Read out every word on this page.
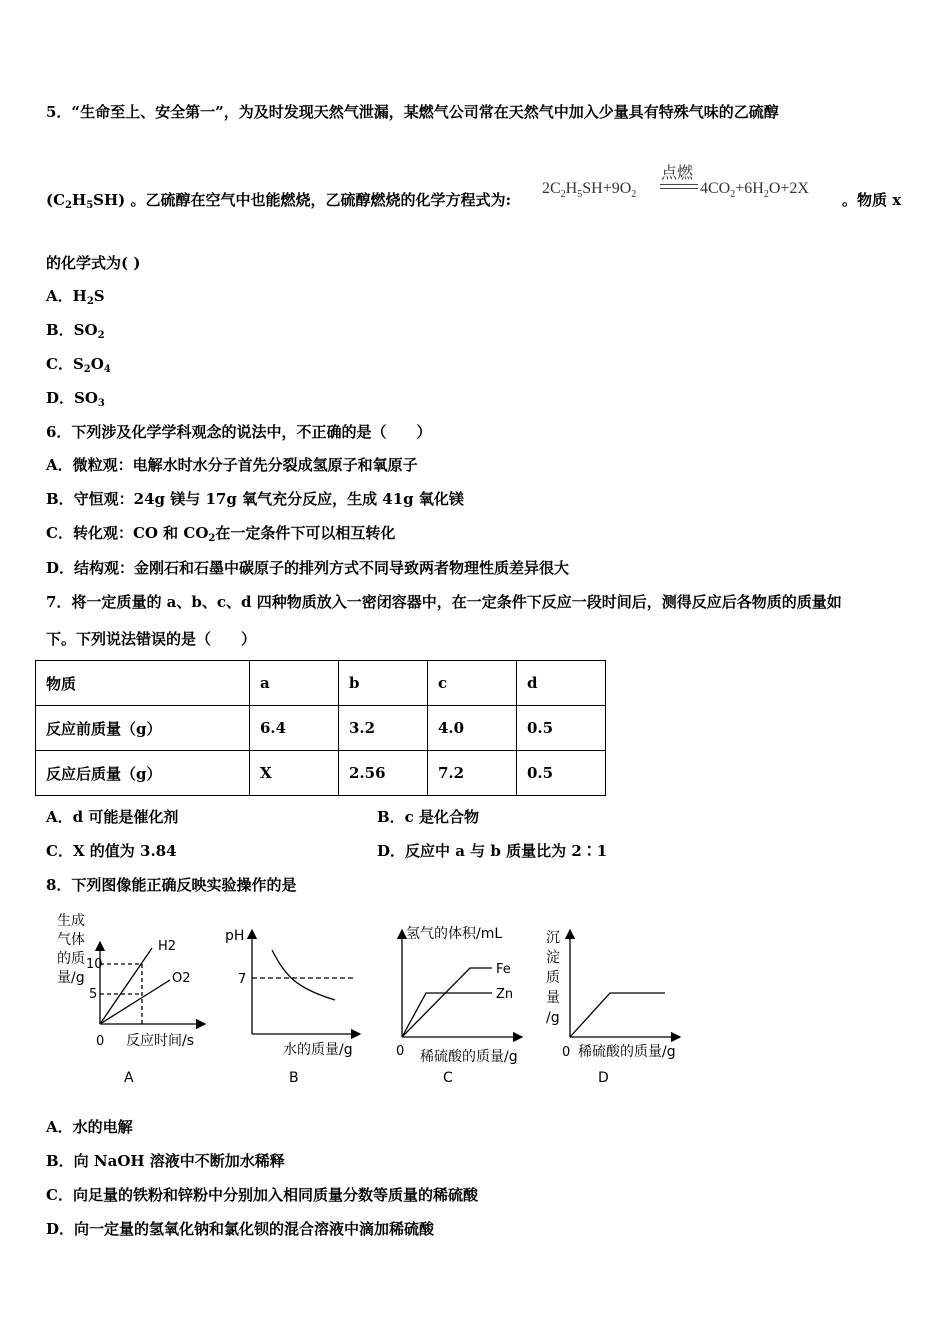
5．“生命至上、安全第一”，为及时发现天然气泄漏，某燃气公司常在天然气中加入少量具有特殊气味的乙硫醇
$(C_2H_5SH)$ 。乙硫醇在空气中也能燃烧，乙硫醇燃烧的化学方程式为:
$2C_2H_5SH+9O_2$
点燃
$4CO_2+6H_2O+2X$
。物质 x
的化学式为( )
A．$H_2S$
B．$SO_2$
C．$S_2O_4$
D．$SO_3$
6．下列涉及化学学科观念的说法中，不正确的是（　　）
A．微粒观：电解水时水分子首先分裂成氢原子和氧原子
B．守恒观：24g 镁与 17g 氧气充分反应，生成 41g 氧化镁
C．转化观：CO 和 $CO_2$在一定条件下可以相互转化
D．结构观：金刚石和石墨中碳原子的排列方式不同导致两者物理性质差异很大
7．将一定质量的 a、b、c、d 四种物质放入一密闭容器中，在一定条件下反应一段时间后，测得反应后各物质的质量如
下。下列说法错误的是（　　）
物质	a	b	c	d
反应前质量（g）	6.4	3.2	4.0	0.5
反应后质量（g）	X	2.56	7.2	0.5
A．d 可能是催化剂	B．c 是化合物
C．X 的值为 3.84	D．反应中 a 与 b 质量比为 2∶1
8．下列图像能正确反映实验操作的是
生成
气体
的质
量/g
10
5
0 反应时间/s
H2
O2
A
pH
7
水的质量/g
B
氢气的体积/mL
Fe
Zn
0 稀硫酸的质量/g
C
沉
淀
质
量
/g
0 稀硫酸的质量/g
D
A．水的电解
B．向 NaOH 溶液中不断加水稀释
C．向足量的铁粉和锌粉中分别加入相同质量分数等质量的稀硫酸
D．向一定量的氢氧化钠和氯化钡的混合溶液中滴加稀硫酸
